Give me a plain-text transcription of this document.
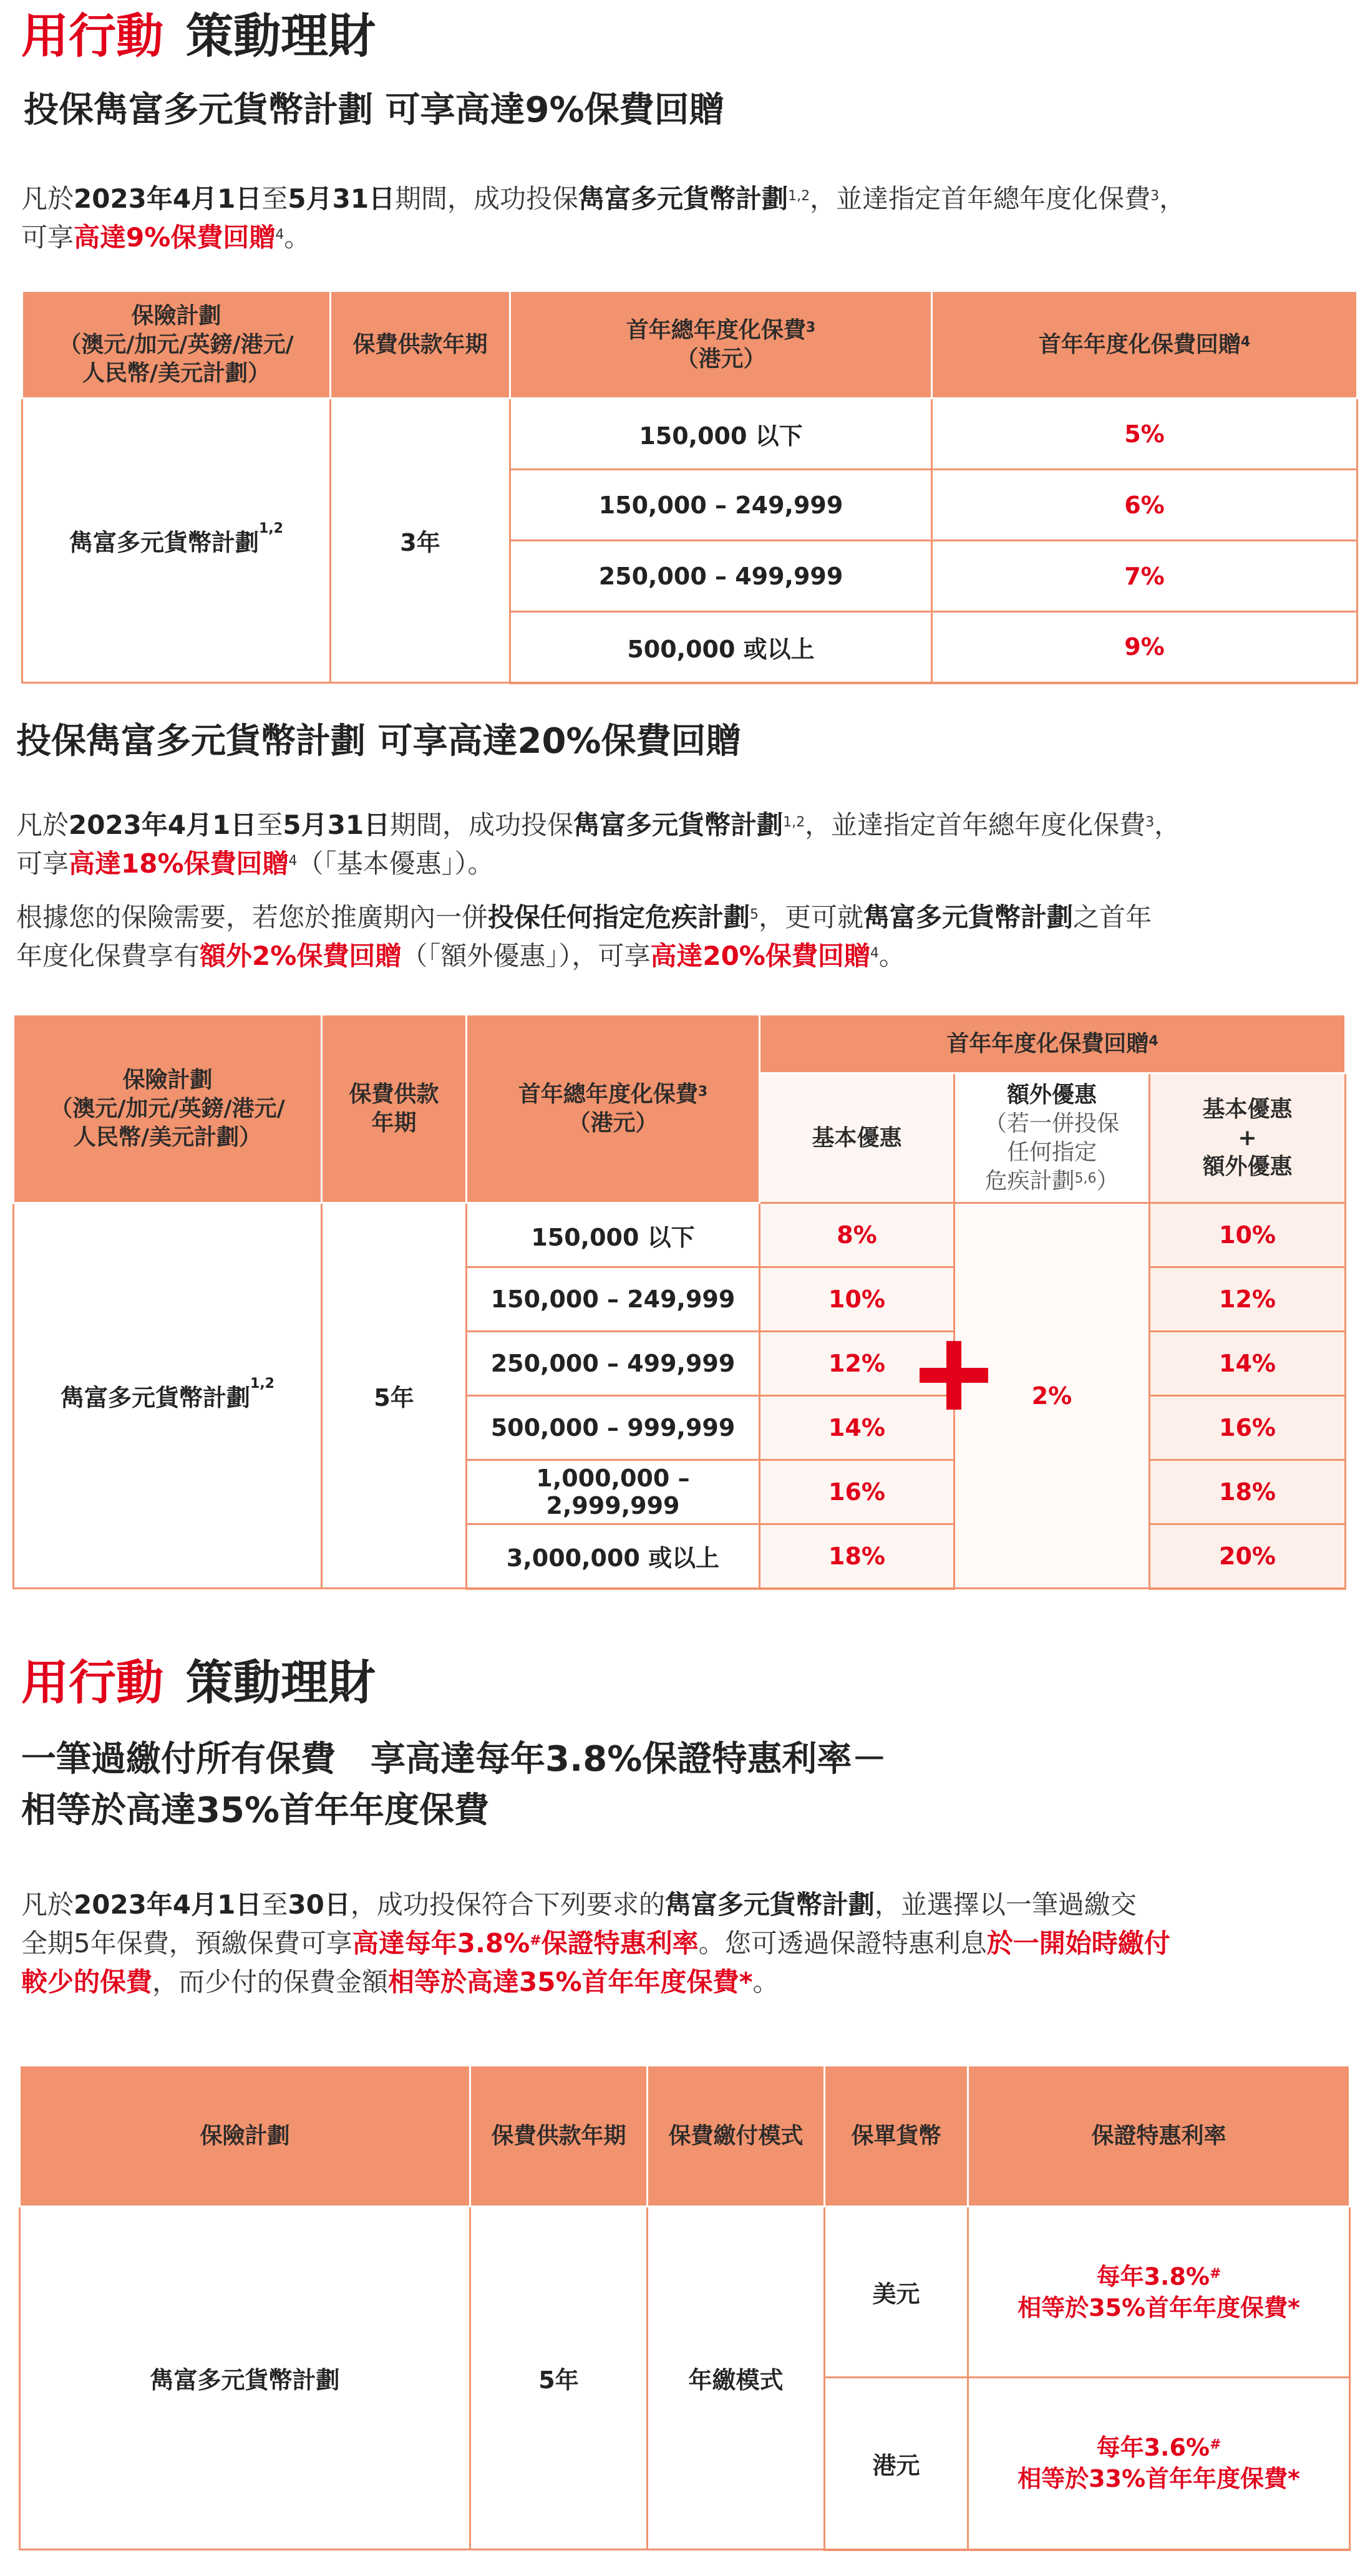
用行動 策動理財
投保雋富多元貨幣計劃 可享高達9%保費回贈

凡於2023年4月1日至5月31日期間，成功投保雋富多元貨幣計劃$^{1,2}$，並達指定首年總年度化保費$^3$，
可享高達9%保費回贈$^4$。

保險計劃
（澳元/加元/英鎊/港元/
人民幣/美元計劃）	保費供款年期	首年總年度化保費$^3$
（港元）	首年年度化保費回贈$^4$
雋富多元貨幣計劃$^{1,2}$	3年	150,000 以下	5%
		150,000 – 249,999	6%
		250,000 – 499,999	7%
		500,000 或以上	9%
投保雋富多元貨幣計劃 可享高達20%保費回贈

凡於2023年4月1日至5月31日期間，成功投保雋富多元貨幣計劃$^{1,2}$，並達指定首年總年度化保費$^3$，
可享高達18%保費回贈$^4$（「基本優惠」）。

根據您的保險需要，若您於推廣期內一併投保任何指定危疾計劃$^5$，更可就雋富多元貨幣計劃之首年
年度化保費享有額外2%保費回贈（「額外優惠」），可享高達20%保費回贈$^4$。

保險計劃
（澳元/加元/英鎊/港元/
人民幣/美元計劃）	保費供款
年期	首年總年度化保費$^3$
（港元）	首年年度化保費回贈$^4$
			基本優惠	額外優惠
（若一併投保
任何指定
危疾計劃$^{5,6}$）	基本優惠
+
額外優惠
雋富多元貨幣計劃$^{1,2}$	5年	150,000 以下	8%	2%	10%
		150,000 – 249,999	10%		12%
		250,000 – 499,999	12%		14%
		500,000 – 999,999	14%		16%
		1,000,000 – 2,999,999	16%		18%
		3,000,000 或以上	18%		20%
用行動 策動理財
一筆過繳付所有保費　享高達每年3.8%保證特惠利率－
相等於高達35%首年年度保費

凡於2023年4月1日至30日，成功投保符合下列要求的雋富多元貨幣計劃，並選擇以一筆過繳交
全期5年保費，預繳保費可享高達每年3.8%#保證特惠利率。您可透過保證特惠利息於一開始時繳付
較少的保費，而少付的保費金額相等於高達35%首年年度保費*。

保險計劃	保費供款年期	保費繳付模式	保單貨幣	保證特惠利率
雋富多元貨幣計劃	5年	年繳模式	美元	每年3.8%#
相等於35%首年年度保費*
			港元	每年3.6%#
相等於33%首年年度保費*
